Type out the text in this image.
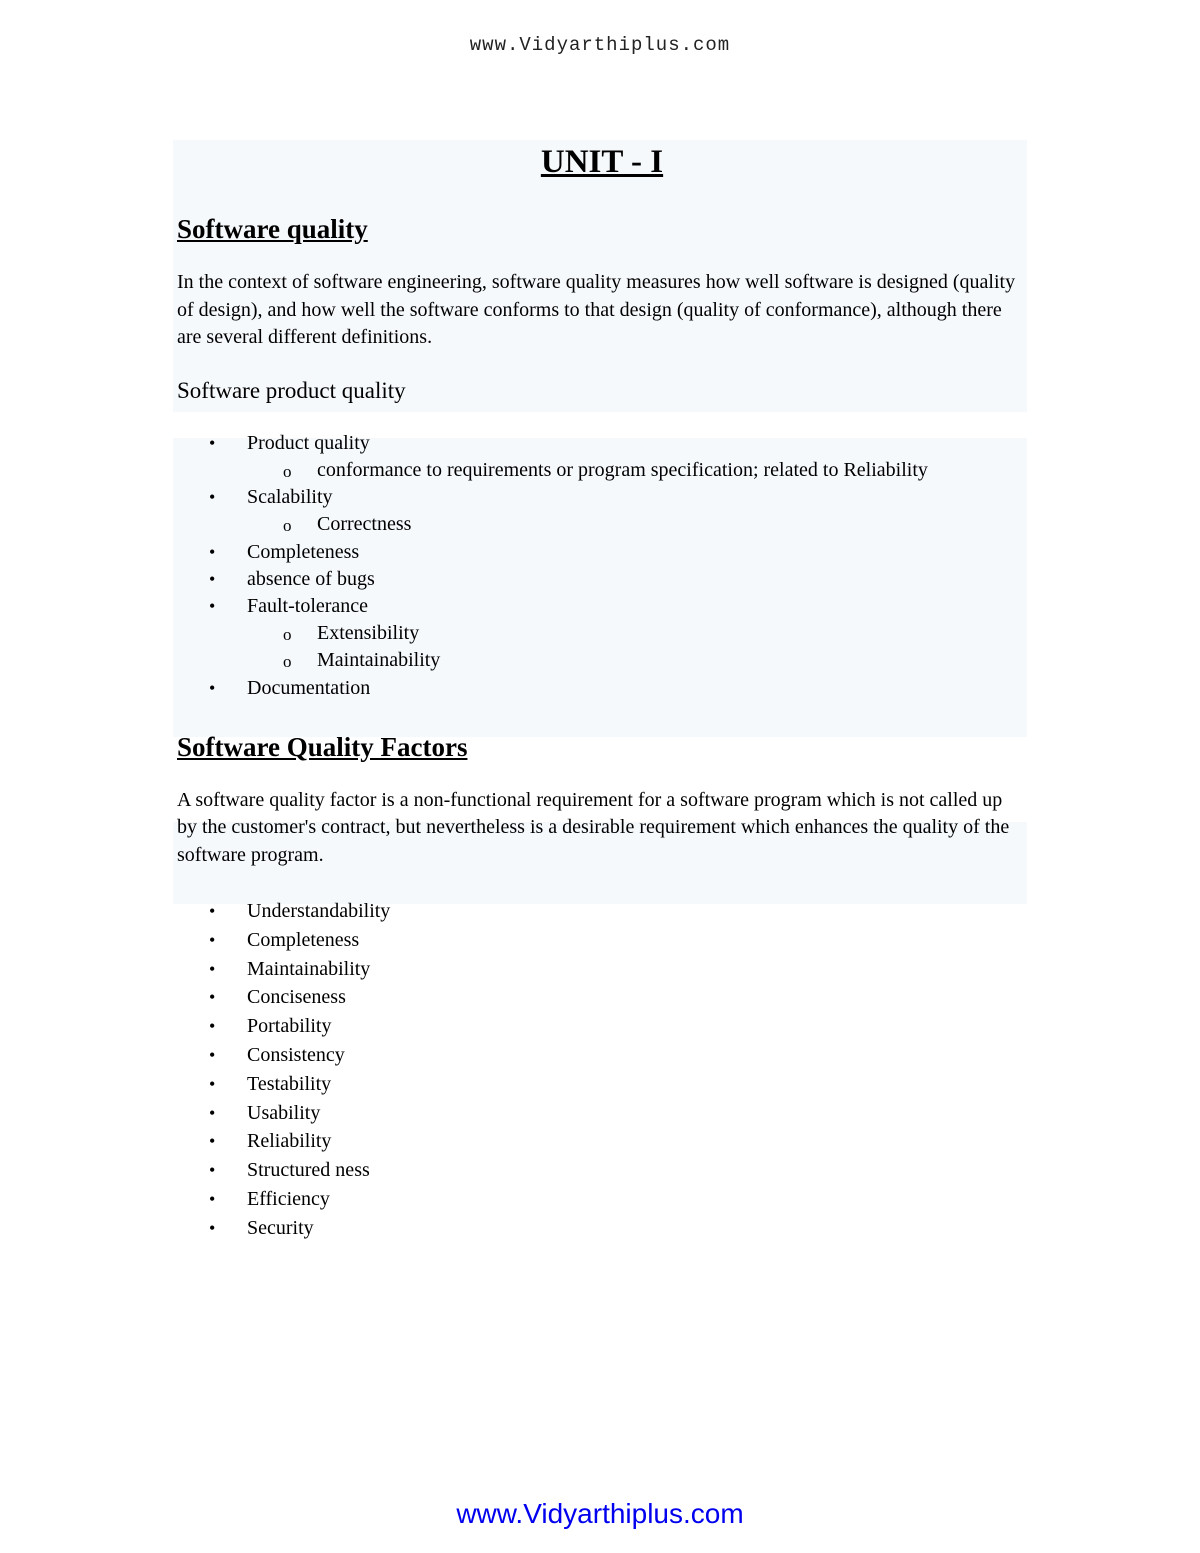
www.Vidyarthiplus.com
UNIT - I
Software quality

In the context of software engineering, software quality measures how well software is designed (quality of design), and how well the software conforms to that design (quality of conformance), although there are several different definitions.

Software product quality

• Product quality
o conformance to requirements or program specification; related to Reliability
• Scalability
o Correctness
• Completeness
• absence of bugs
• Fault-tolerance
o Extensibility
o Maintainability
• Documentation
Software Quality Factors

A software quality factor is a non-functional requirement for a software program which is not called up by the customer's contract, but nevertheless is a desirable requirement which enhances the quality of the software program.

• Understandability
• Completeness
• Maintainability
• Conciseness
• Portability
• Consistency
• Testability
• Usability
• Reliability
• Structured ness
• Efficiency
• Security
www.Vidyarthiplus.com
